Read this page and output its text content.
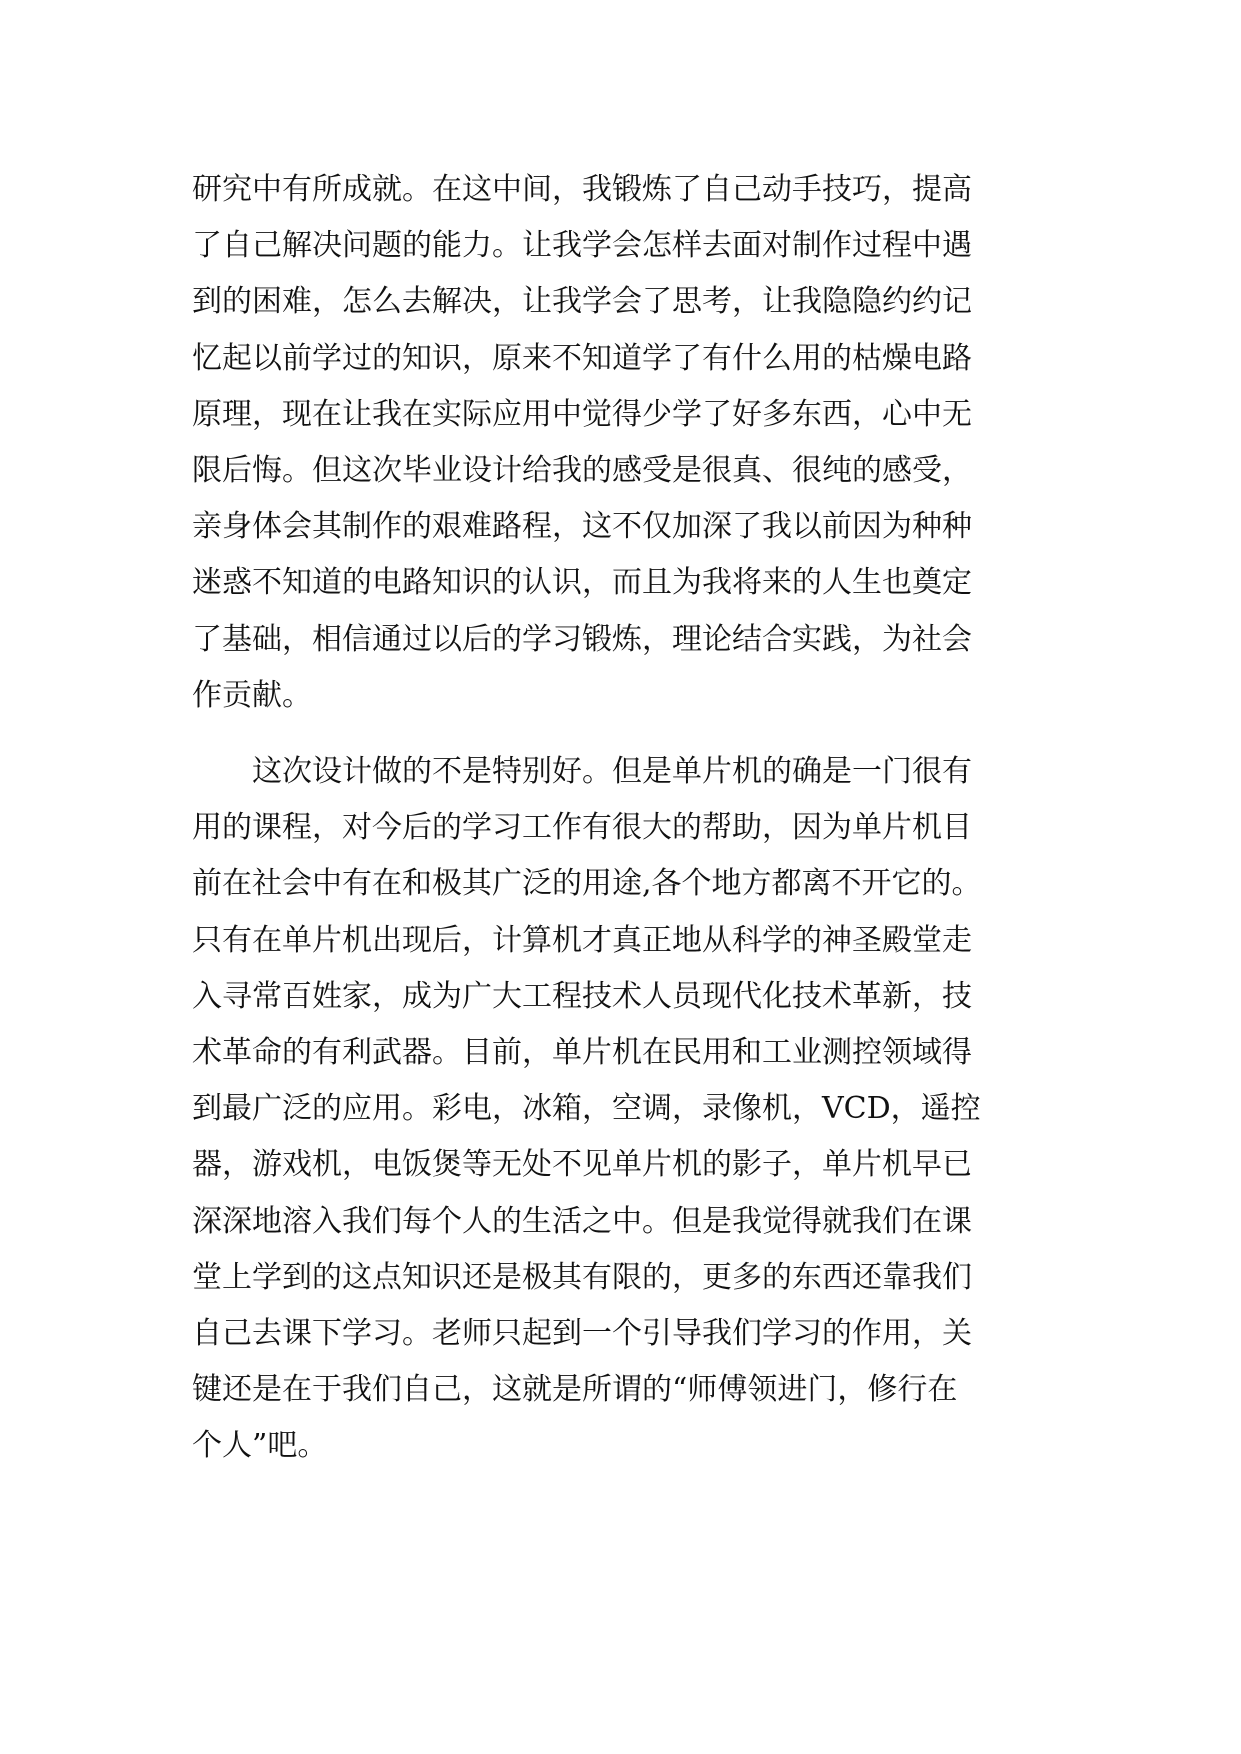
研究中有所成就。在这中间，我锻炼了自己动手技巧，提高
了自己解决问题的能力。让我学会怎样去面对制作过程中遇
到的困难，怎么去解决，让我学会了思考，让我隐隐约约记
忆起以前学过的知识，原来不知道学了有什么用的枯燥电路
原理，现在让我在实际应用中觉得少学了好多东西，心中无
限后悔。但这次毕业设计给我的感受是很真、很纯的感受，
亲身体会其制作的艰难路程，这不仅加深了我以前因为种种
迷惑不知道的电路知识的认识，而且为我将来的人生也奠定
了基础，相信通过以后的学习锻炼，理论结合实践，为社会
作贡献。
　　这次设计做的不是特别好。但是单片机的确是一门很有
用的课程，对今后的学习工作有很大的帮助，因为单片机目
前在社会中有在和极其广泛的用途,各个地方都离不开它的。
只有在单片机出现后，计算机才真正地从科学的神圣殿堂走
入寻常百姓家，成为广大工程技术人员现代化技术革新，技
术革命的有利武器。目前，单片机在民用和工业测控领域得
到最广泛的应用。彩电，冰箱，空调，录像机，VCD，遥控
器，游戏机，电饭煲等无处不见单片机的影子，单片机早已
深深地溶入我们每个人的生活之中。但是我觉得就我们在课
堂上学到的这点知识还是极其有限的，更多的东西还靠我们
自己去课下学习。老师只起到一个引导我们学习的作用，关
键还是在于我们自己，这就是所谓的“师傅领进门，修行在
个人”吧。
